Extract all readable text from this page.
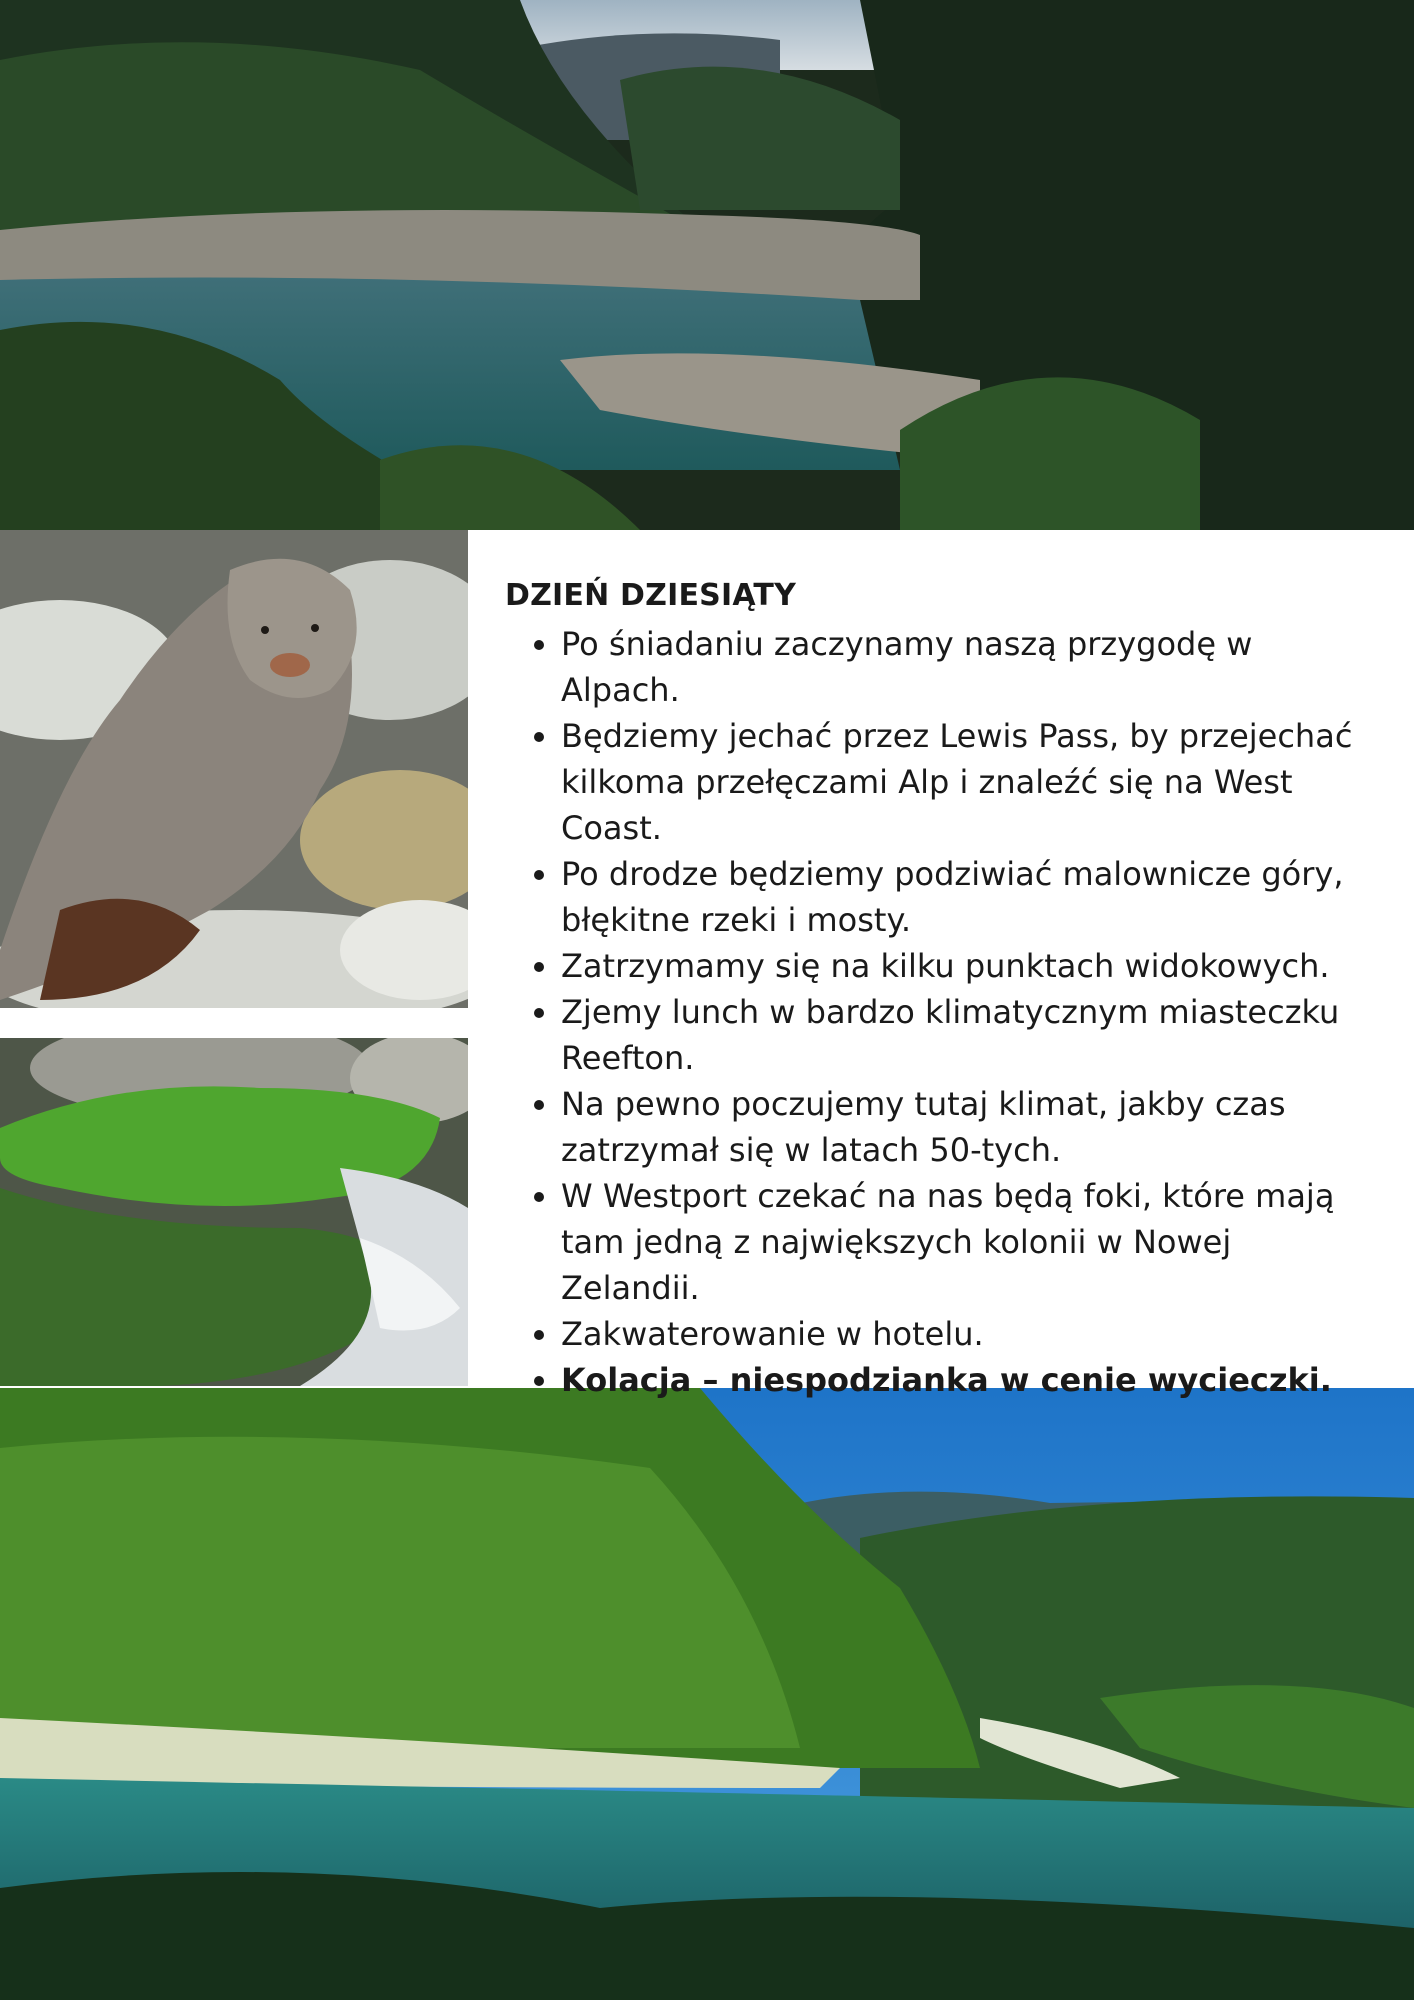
DZIEŃ DZIESIĄTY
• Po śniadaniu zaczynamy naszą przygodę w Alpach.
• Będziemy jechać przez Lewis Pass, by przejechać kilkoma przełęczami Alp i znaleźć się na West Coast.
• Po drodze będziemy podziwiać malownicze góry, błękitne rzeki i mosty.
• Zatrzymamy się na kilku punktach widokowych.
• Zjemy lunch w bardzo klimatycznym miasteczku Reefton.
• Na pewno poczujemy tutaj klimat, jakby czas zatrzymał się w latach 50-tych.
• W Westport czekać na nas będą foki, które mają tam jedną z największych kolonii w Nowej Zelandii.
• Zakwaterowanie w hotelu.
• Kolacja – niespodzianka w cenie wycieczki.
